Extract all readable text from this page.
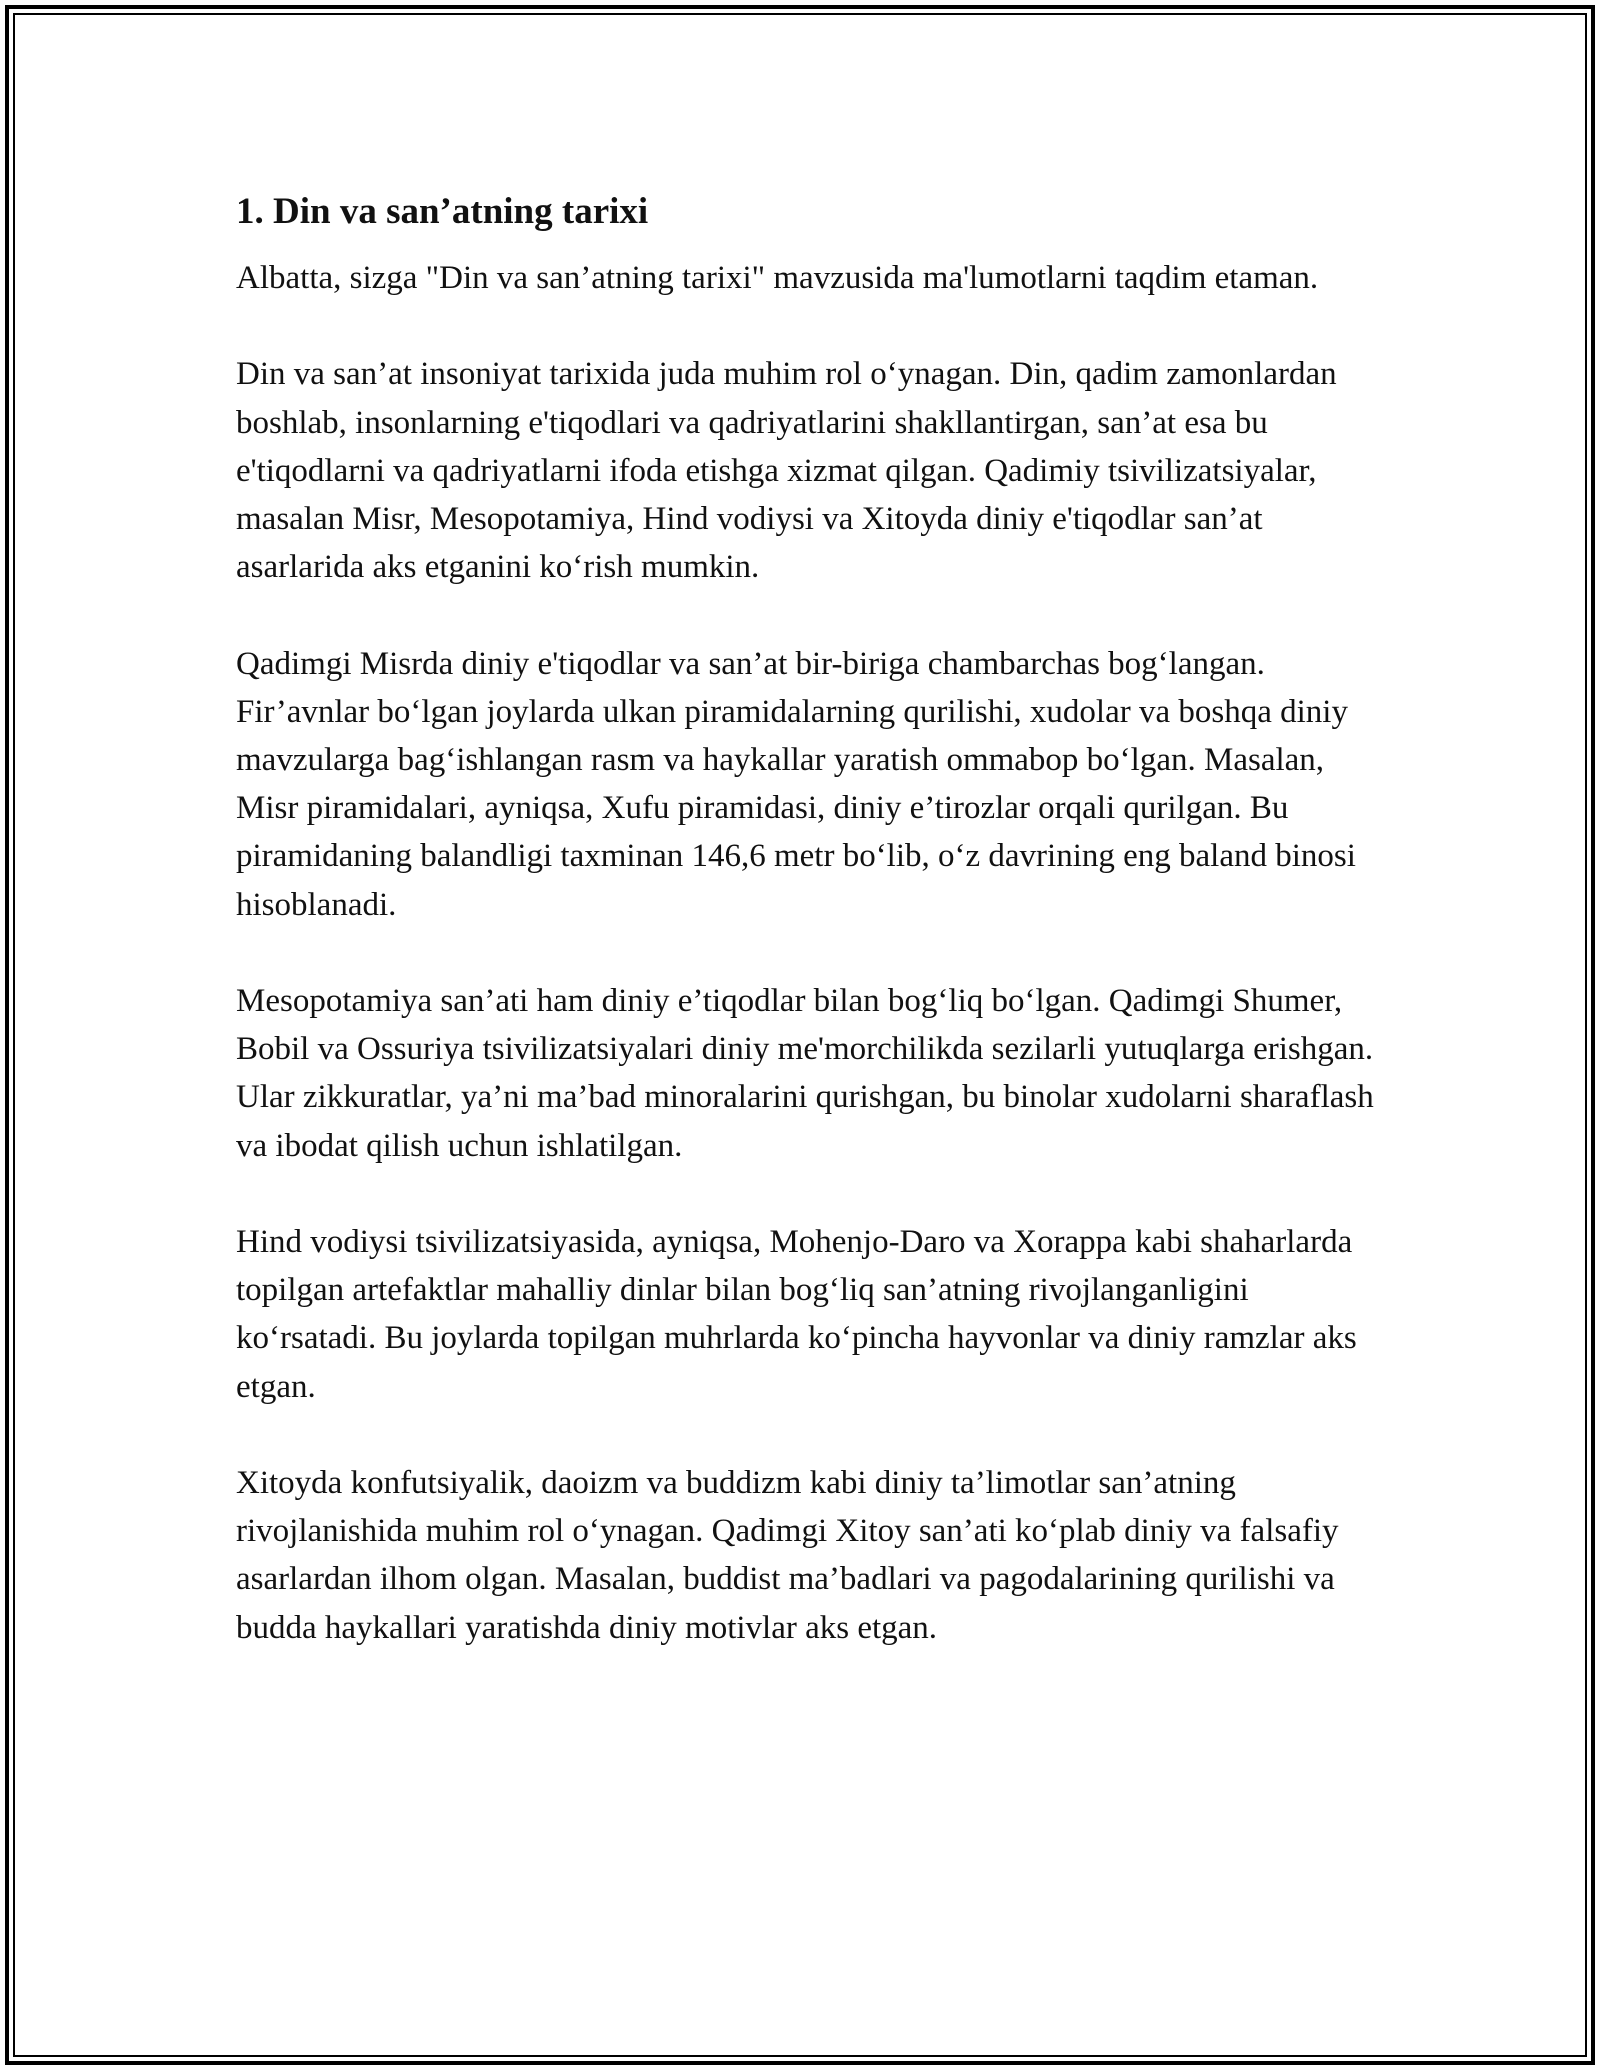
1. Din va san’atning tarixi

Albatta, sizga "Din va san’atning tarixi" mavzusida ma'lumotlarni taqdim etaman.

Din va san’at insoniyat tarixida juda muhim rol o‘ynagan. Din, qadim zamonlardan boshlab, insonlarning e'tiqodlari va qadriyatlarini shakllantirgan, san’at esa bu e'tiqodlarni va qadriyatlarni ifoda etishga xizmat qilgan. Qadimiy tsivilizatsiyalar, masalan Misr, Mesopotamiya, Hind vodiysi va Xitoyda diniy e'tiqodlar san’at asarlarida aks etganini ko‘rish mumkin.

Qadimgi Misrda diniy e'tiqodlar va san’at bir-biriga chambarchas bog‘langan. Fir’avnlar bo‘lgan joylarda ulkan piramidalarning qurilishi, xudolar va boshqa diniy mavzularga bag‘ishlangan rasm va haykallar yaratish ommabop bo‘lgan. Masalan, Misr piramidalari, ayniqsa, Xufu piramidasi, diniy e’tirozlar orqali qurilgan. Bu piramidaning balandligi taxminan 146,6 metr bo‘lib, o‘z davrining eng baland binosi hisoblanadi.

Mesopotamiya san’ati ham diniy e’tiqodlar bilan bog‘liq bo‘lgan. Qadimgi Shumer, Bobil va Ossuriya tsivilizatsiyalari diniy me'morchilikda sezilarli yutuqlarga erishgan. Ular zikkuratlar, ya’ni ma’bad minoralarini qurishgan, bu binolar xudolarni sharaflash va ibodat qilish uchun ishlatilgan.

Hind vodiysi tsivilizatsiyasida, ayniqsa, Mohenjo-Daro va Xorappa kabi shaharlarda topilgan artefaktlar mahalliy dinlar bilan bog‘liq san’atning rivojlanganligini ko‘rsatadi. Bu joylarda topilgan muhrlarda ko‘pincha hayvonlar va diniy ramzlar aks etgan.

Xitoyda konfutsiyalik, daoizm va buddizm kabi diniy ta’limotlar san’atning rivojlanishida muhim rol o‘ynagan. Qadimgi Xitoy san’ati ko‘plab diniy va falsafiy asarlardan ilhom olgan. Masalan, buddist ma’badlari va pagodalarining qurilishi va budda haykallari yaratishda diniy motivlar aks etgan.
